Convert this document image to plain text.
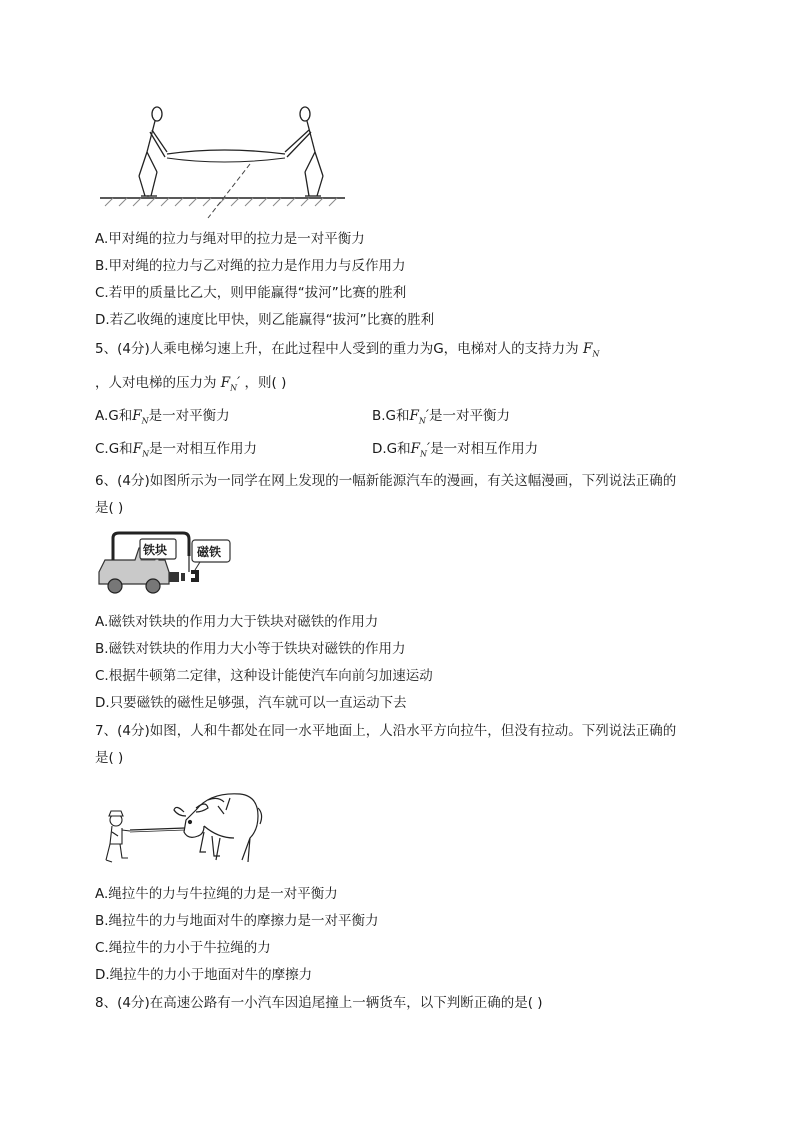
A.甲对绳的拉力与绳对甲的拉力是一对平衡力
B.甲对绳的拉力与乙对绳的拉力是作用力与反作用力
C.若甲的质量比乙大，则甲能赢得“拔河”比赛的胜利
D.若乙收绳的速度比甲快，则乙能赢得“拔河”比赛的胜利
5、(4分)人乘电梯匀速上升，在此过程中人受到的重力为G，电梯对人的支持力为 $F_N$
，人对电梯的压力为 $F_N'$ ，则( )
A.G和$F_N$是一对平衡力	B.G和$F_N'$是一对平衡力
C.G和$F_N$是一对相互作用力	D.G和$F_N'$是一对相互作用力
6、(4分)如图所示为一同学在网上发现的一幅新能源汽车的漫画，有关这幅漫画，下列说法正确的
是( )
铁块 磁铁
A.磁铁对铁块的作用力大于铁块对磁铁的作用力
B.磁铁对铁块的作用力大小等于铁块对磁铁的作用力
C.根据牛顿第二定律，这种设计能使汽车向前匀加速运动
D.只要磁铁的磁性足够强，汽车就可以一直运动下去
7、(4分)如图，人和牛都处在同一水平地面上，人沿水平方向拉牛，但没有拉动。下列说法正确的
是( )
A.绳拉牛的力与牛拉绳的力是一对平衡力
B.绳拉牛的力与地面对牛的摩擦力是一对平衡力
C.绳拉牛的力小于牛拉绳的力
D.绳拉牛的力小于地面对牛的摩擦力
8、(4分)在高速公路有一小汽车因追尾撞上一辆货车，以下判断正确的是( )
